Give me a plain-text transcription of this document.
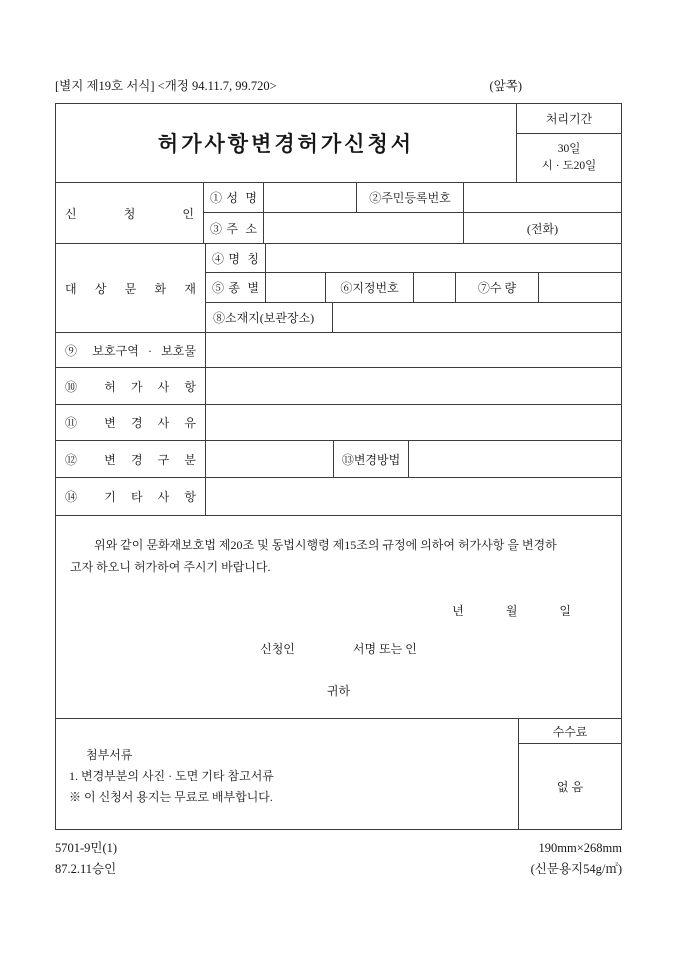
[별지 제19호 서식] <개정 94.11.7, 99.720>	(앞쪽)
허가사항변경허가신청서
처리기간
30일
시 · 도20일
신 청 인
①성 명	②주민등록번호
③주 소	(전화)
대 상 문 화 재
④명 칭
⑤종 별	⑥지정번호	⑦수 량
⑧소재지(보관장소)
⑨ 보호구역 · 보호물
⑩ 허 가 사 항
⑪ 변 경 사 유
⑫ 변 경 구 분	⑬변경방법
⑭ 기 타 사 항
위와 같이 문화재보호법 제20조 및 동법시행령 제15조의 규정에 의하여 허가사항 을 변경하
고자 하오니 허가하여 주시기 바랍니다.
년	월	일
신청인	서명 또는 인
귀하
첨부서류
1. 변경부분의 사진 · 도면 기타 참고서류
※ 이 신청서 용지는 무료로 배부합니다.
수수료
없 음
5701-9민(1)
87.2.11승인
190mm×268mm
(신문용지54g/㎡)
